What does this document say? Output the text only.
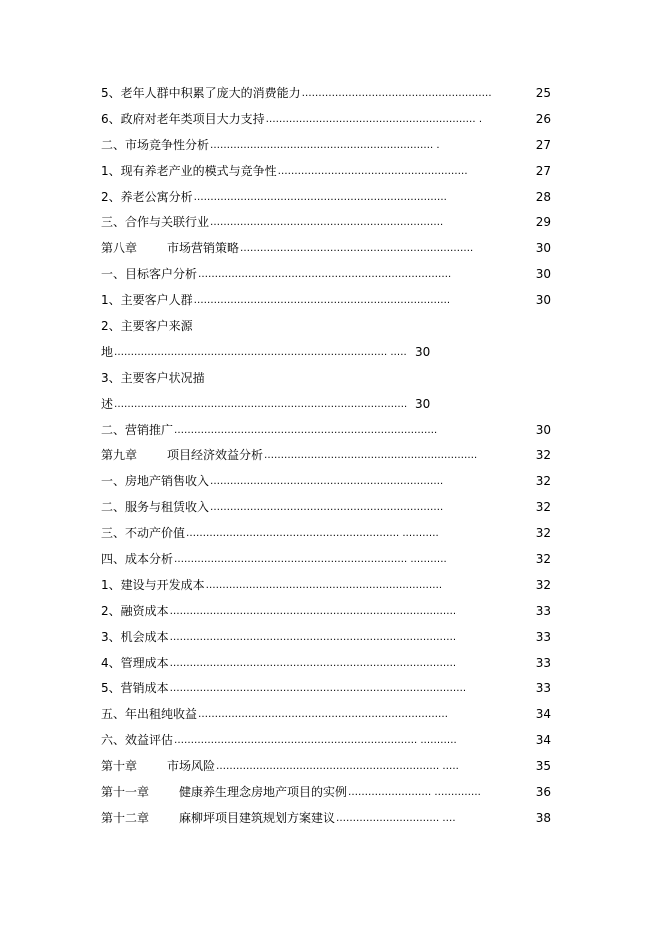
5、老年人群中积累了庞大的消费能力 …………………………………………………	25
6、政府对老年类项目大力支持 ……………………………………………………… .	26
二、市场竞争性分析 …………………………………………………………. .	27
1、现有养老产业的模式与竞争性 …………………………………………………	27
2、养老公寓分析 ………………………………………………………………….	28
三、合作与关联行业 …………………………………………………………….	29
第八章	市场营销策略 …………………………………………………………….	30
一、目标客户分析 ………………………………………………………………….	30
1、主要客户人群 …………………………………………………………….…….	30
2、主要客户来源
地 ………………………………………………………………………. .…. 30
3、主要客户状况描
述 ……………………………………………………………………………. 30
二、营销推广 …………………………………………………………………….	30
第九章	项目经济效益分析 ……………………………………………………….	32
一、房地产销售收入 …………………………………………………………….	32
二、服务与租赁收入 …………………………………………………………….	32
三、不动产价值 ………………………………………………………. .……….	32
四、成本分析 ……………………………………………………………. .……….	32
1、建设与开发成本 …………………………………………………….……….	32
2、融资成本 …………………………………………………………………….…….	33
3、机会成本 ………………………………………………………………….……….	33
4、管理成本 ………………………………………………………………….……….	33
5、营销成本 …………………………………………………………………….……….	33
五、年出租纯收益 …………………………………………………………………	34
六、效益评估 ………………………………………………………………. .……….	34
第十章	市场风险 …………………………………………………………. .….	35
第十一章	健康养生理念房地产项目的实例 ……………………. .………….	36
第十二章	麻柳坪项目建筑规划方案建议 …………………………. .…	38
